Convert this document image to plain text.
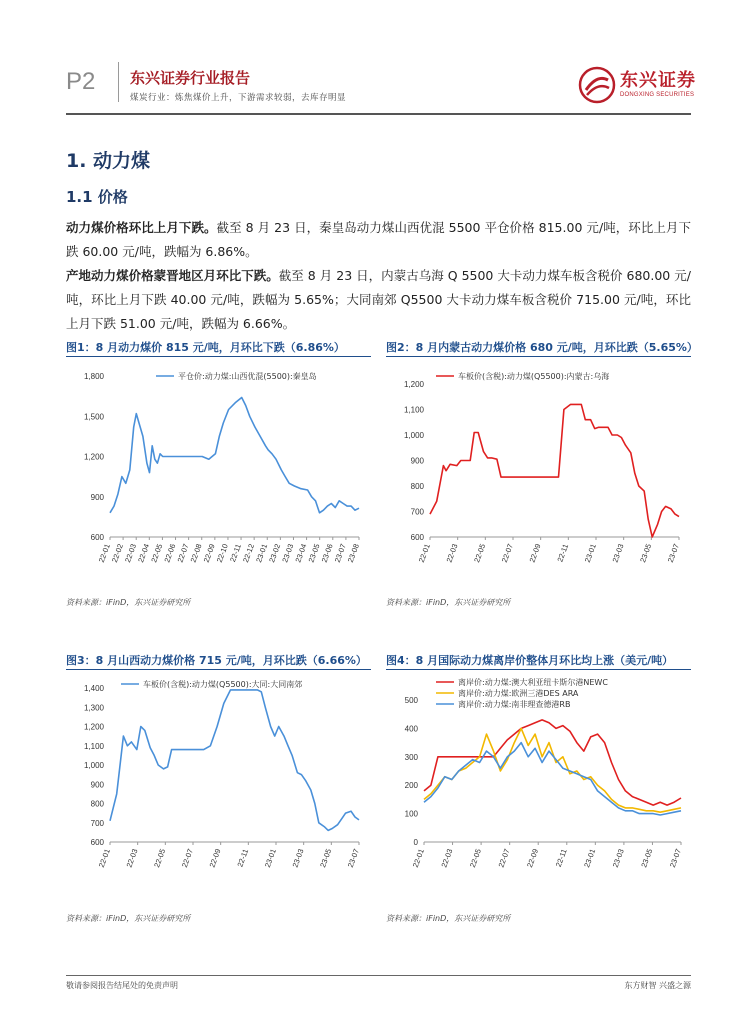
P2 东兴证券行业报告
煤炭行业：炼焦煤价上升，下游需求较弱，去库存明显
东兴证券
DONGXING SECURITIES
1. 动力煤
1.1 价格
动力煤价格环比上月下跌。截至 8 月 23 日，秦皇岛动力煤山西优混 5500 平仓价格 815.00 元/吨，环比上月下跌 60.00 元/吨，跌幅为 6.86%。
产地动力煤价格蒙晋地区月环比下跌。截至 8 月 23 日，内蒙古乌海 Q 5500 大卡动力煤车板含税价 680.00 元/吨，环比上月下跌 40.00 元/吨，跌幅为 5.65%；大同南郊 Q5500 大卡动力煤车板含税价 715.00 元/吨，环比上月下跌 51.00 元/吨，跌幅为 6.66%。
图1：8 月动力煤价 815 元/吨，月环比下跌（6.86%）
600
900
1,200
1,500
1,800
22-01
22-02
22-03
22-04
22-05
22-06
22-07
22-08
22-09
22-10
22-11
22-12
23-01
23-02
23-03
23-04
23-05
23-06
23-07
23-08
平仓价:动力煤:山西优混(5500):秦皇岛
资料来源：iFinD，东兴证券研究所
图2：8 月内蒙古动力煤价格 680 元/吨，月环比跌（5.65%）
600
700
800
900
1,000
1,100
1,200
22-01 22-03 22-05 22-07 22-09 22-11 23-01 23-03 23-05 23-07
车板价(含税):动力煤(Q5500):内蒙古:乌海
资料来源：iFinD，东兴证券研究所
图3：8 月山西动力煤价格 715 元/吨，月环比跌（6.66%）
600
700
800
900
1,000
1,100
1,200
1,300
1,400
22-01 22-03 22-05 22-07 22-09 22-11 23-01 23-03 23-05 23-07
车板价(含税):动力煤(Q5500):大同:大同南郊
资料来源：iFinD，东兴证券研究所
图4：8 月国际动力煤离岸价整体月环比均上涨（美元/吨）
0
100
200
300
400
500
22-01 22-03 22-05 22-07 22-09 22-11 23-01 23-03 23-05 23-07
离岸价:动力煤:澳大利亚纽卡斯尔港NEWC
离岸价:动力煤:欧洲三港DES ARA
离岸价:动力煤:南非理查德港RB
资料来源：iFinD，东兴证券研究所
敬请参阅报告结尾处的免责声明	东方财智 兴盛之源
